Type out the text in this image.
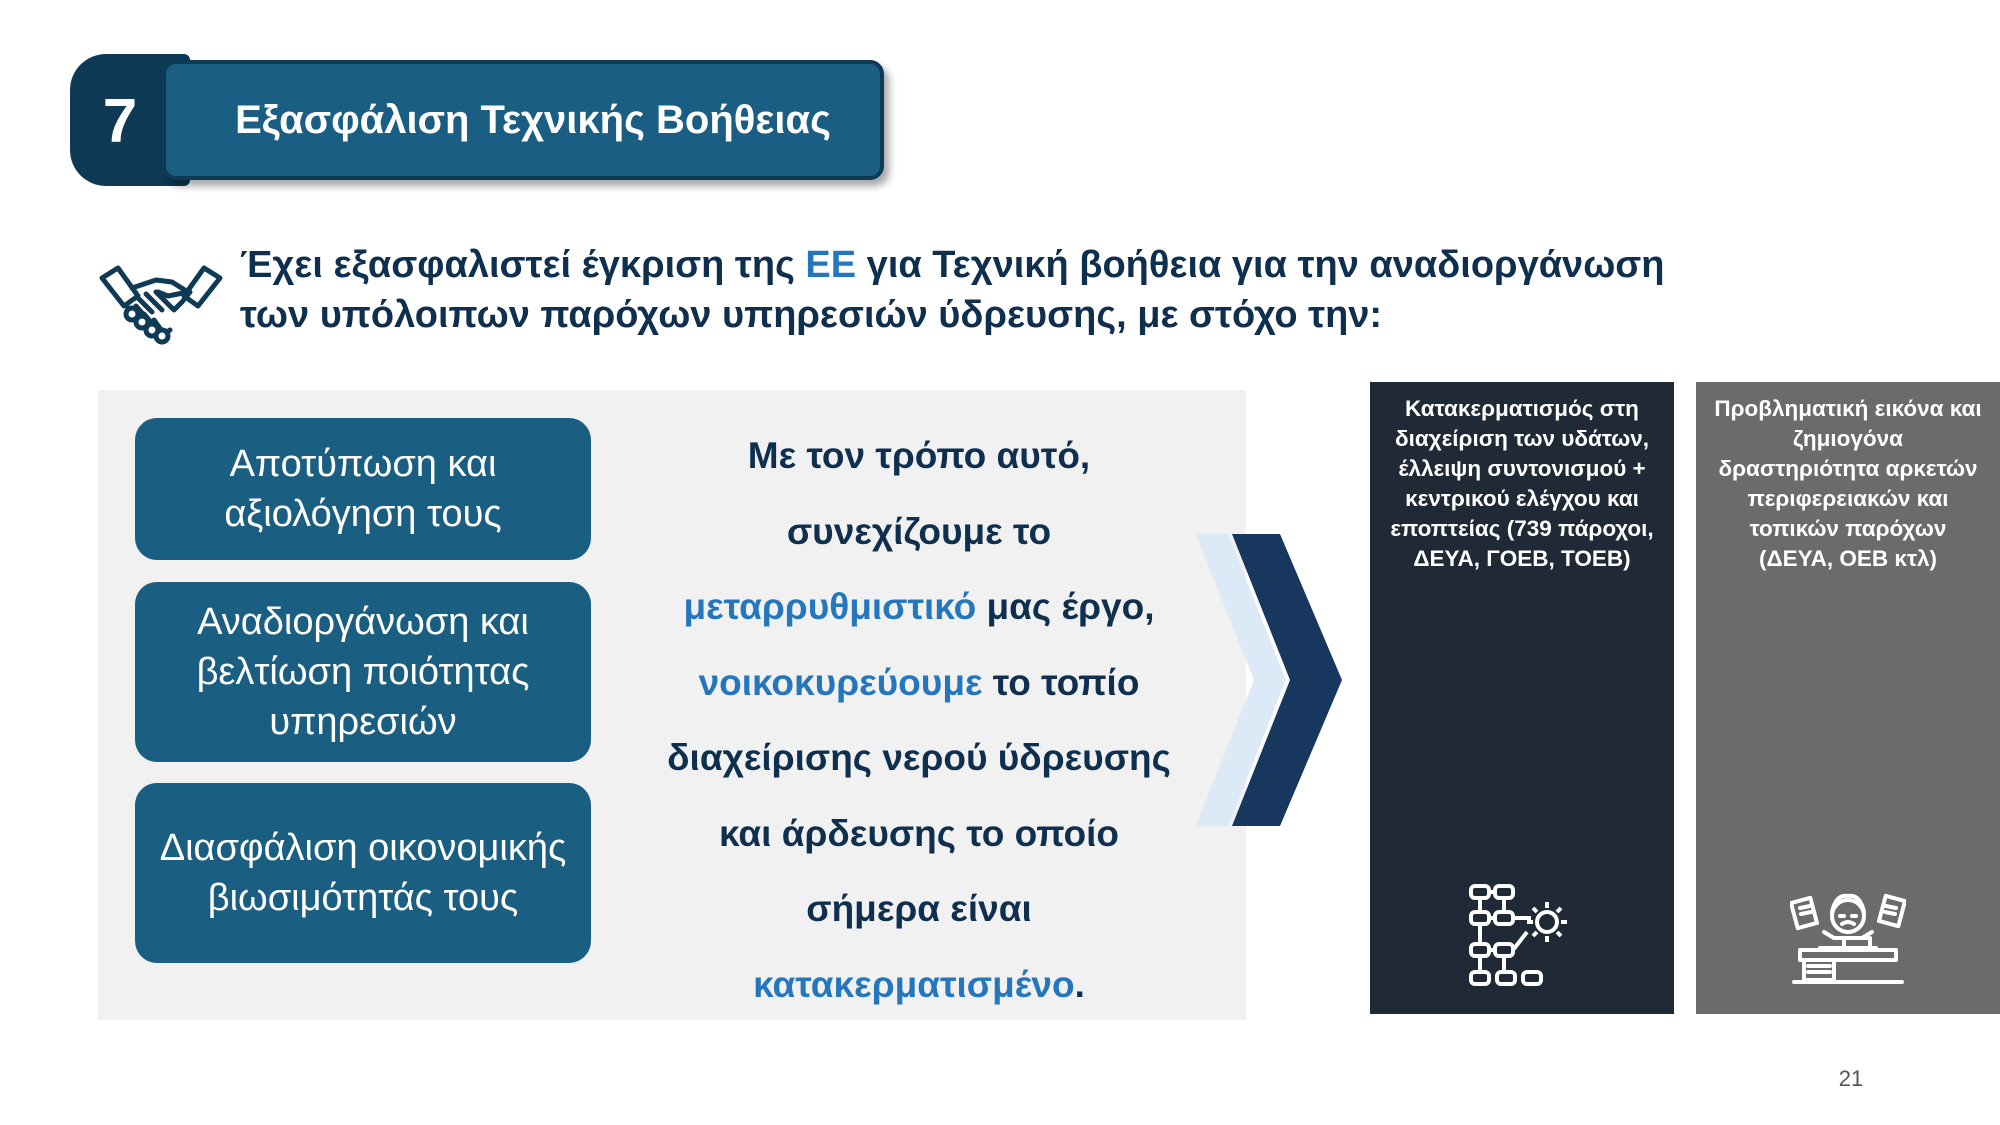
7	Εξασφάλιση Τεχνικής Βοήθειας
Έχει εξασφαλιστεί έγκριση της ΕΕ για Τεχνική βοήθεια για την αναδιοργάνωση των υπόλοιπων παρόχων υπηρεσιών ύδρευσης, με στόχο την:
Αποτύπωση και αξιολόγηση τους
Αναδιοργάνωση και βελτίωση ποιότητας υπηρεσιών
Διασφάλιση οικονομικής βιωσιμότητάς τους
Με τον τρόπο αυτό, συνεχίζουμε το μεταρρυθμιστικό μας έργο, νοικοκυρεύουμε το τοπίο διαχείρισης νερού ύδρευσης και άρδευσης το οποίο σήμερα είναι κατακερματισμένο.
Κατακερματισμός στη διαχείριση των υδάτων, έλλειψη συντονισμού + κεντρικού ελέγχου και εποπτείας (739 πάροχοι, ΔΕΥΑ, ΓΟΕΒ, ΤΟΕΒ)
Προβληματική εικόνα και ζημιογόνα δραστηριότητα αρκετών περιφερειακών και τοπικών παρόχων (ΔΕΥΑ, ΟΕΒ κτλ)
21
